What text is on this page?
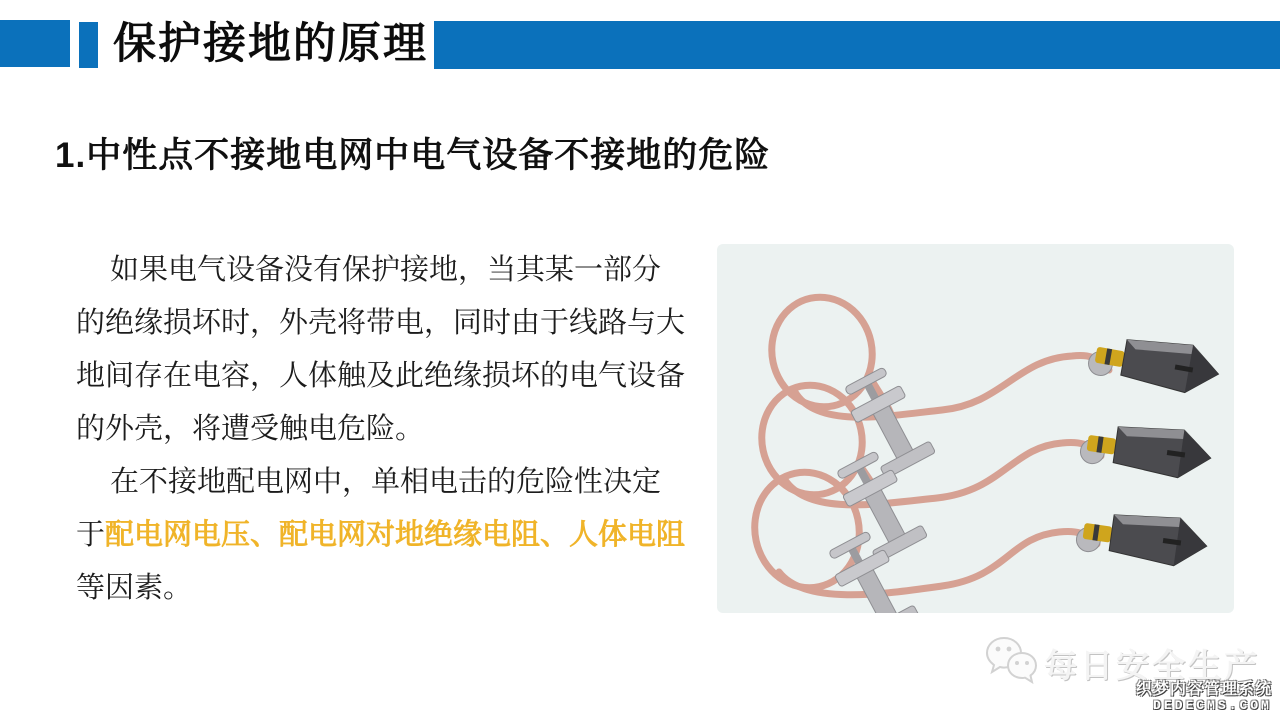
保护接地的原理
1.中性点不接地电网中电气设备不接地的危险
如果电气设备没有保护接地，当其某一部分
的绝缘损坏时，外壳将带电，同时由于线路与大
地间存在电容，人体触及此绝缘损坏的电气设备
的外壳，将遭受触电危险。
在不接地配电网中，单相电击的危险性决定
于配电网电压、配电网对地绝缘电阻、人体电阻
等因素。
每日安全生产
织梦内容管理系统
DEDECMS.COM
